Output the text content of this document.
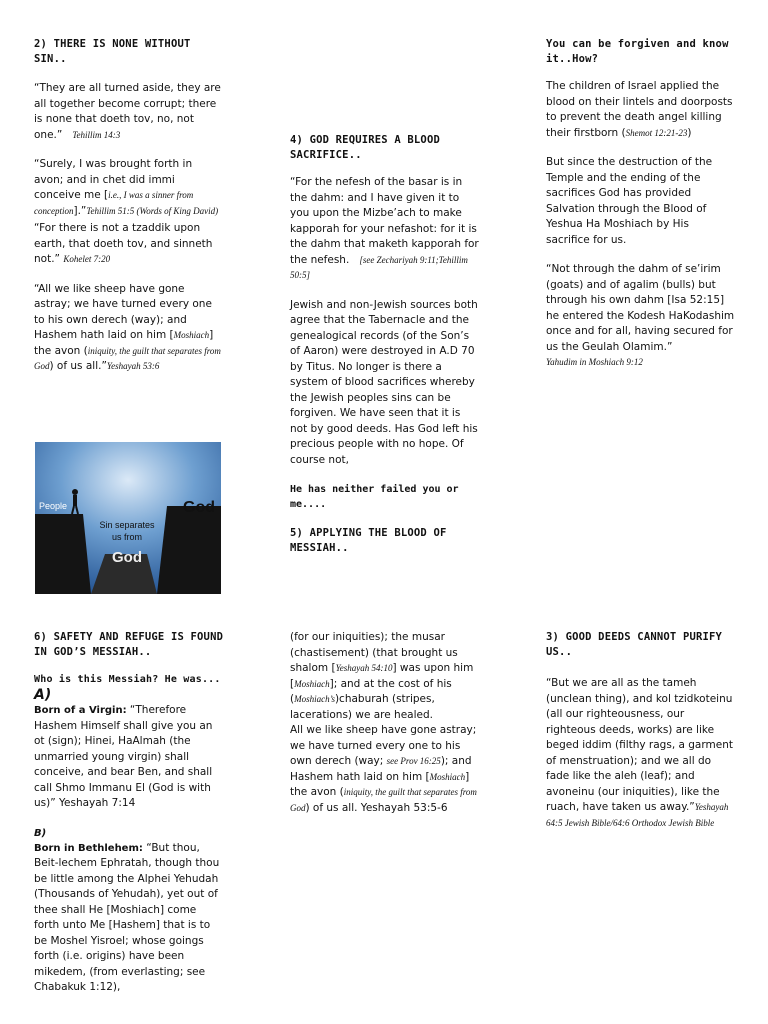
2) THERE IS NONE WITHOUT SIN..

“They are all turned aside, they are all together become corrupt; there is none that doeth tov, no, not one.” Tehillim 14:3

“Surely, I was brought forth in avon; and in chet did immi conceive me [i.e., I was a sinner from conception].”Tehillim 51:5 (Words of King David)

“For there is not a tzaddik upon earth, that doeth tov, and sinneth not.” Kohelet 7:20

“All we like sheep have gone astray; we have turned every one to his own derech (way); and Hashem hath laid on him [Moshiach] the avon (iniquity, the guilt that separates from God) of us all.”Yeshayah 53:6

People	God
Sin separates
us from
God

4) GOD REQUIRES A BLOOD SACRIFICE..

“For the nefesh of the basar is in the dahm: and I have given it to you upon the Mizbe’ach to make kapporah for your nefashot: for it is the dahm that maketh kapporah for the nefesh. [see Zechariyah 9:11;Tehillim 50:5]

Jewish and non-Jewish sources both agree that the Tabernacle and the genealogical records (of the Son’s of Aaron) were destroyed in A.D 70 by Titus. No longer is there a system of blood sacrifices whereby the Jewish peoples sins can be forgiven. We have seen that it is not by good deeds. Has God left his precious people with no hope. Of course not,

He has neither failed you or me....

5) APPLYING THE BLOOD OF MESSIAH..

You can be forgiven and know it..How?

The children of Israel applied the blood on their lintels and doorposts to prevent the death angel killing their firstborn (Shemot 12:21-23)

But since the destruction of the Temple and the ending of the sacrifices God has provided Salvation through the Blood of Yeshua Ha Moshiach by His sacrifice for us.

“Not through the dahm of se’irim (goats) and of agalim (bulls) but through his own dahm [Isa 52:15] he entered the Kodesh HaKodashim once and for all, having secured for us the Geulah Olamim.”
Yahudim in Moshiach 9:12

6) SAFETY AND REFUGE IS FOUND IN GOD’S MESSIAH..

Who is this Messiah? He was...
A)

Born of a Virgin: “Therefore Hashem Himself shall give you an ot (sign); Hinei, HaAlmah (the unmarried young virgin) shall conceive, and bear Ben, and shall call Shmo Immanu El (God is with us)” Yeshayah 7:14

B)

Born in Bethlehem: “But thou, Beit-lechem Ephratah, though thou be little among the Alphei Yehudah (Thousands of Yehudah), yet out of thee shall He [Moshiach] come forth unto Me [Hashem] that is to be Moshel Yisroel; whose goings forth (i.e. origins) have been mikedem, (from everlasting; see Chabakuk 1:12),

(for our iniquities); the musar (chastisement) (that brought us shalom [Yeshayah 54:10] was upon him [Moshiach]; and at the cost of his (Moshiach’s)chaburah (stripes, lacerations) we are healed.
All we like sheep have gone astray; we have turned every one to his own derech (way; see Prov 16:25); and Hashem hath laid on him [Moshiach] the avon (iniquity, the guilt that separates from God) of us all. Yeshayah 53:5-6

3) GOOD DEEDS CANNOT PURIFY US..

“But we are all as the tameh (unclean thing), and kol tzidkoteinu (all our righteousness, our righteous deeds, works) are like beged iddim (filthy rags, a garment of menstruation); and we all do fade like the aleh (leaf); and avoneinu (our iniquities), like the ruach, have taken us away.”Yeshayah 64:5 Jewish Bible/64:6 Orthodox Jewish Bible
